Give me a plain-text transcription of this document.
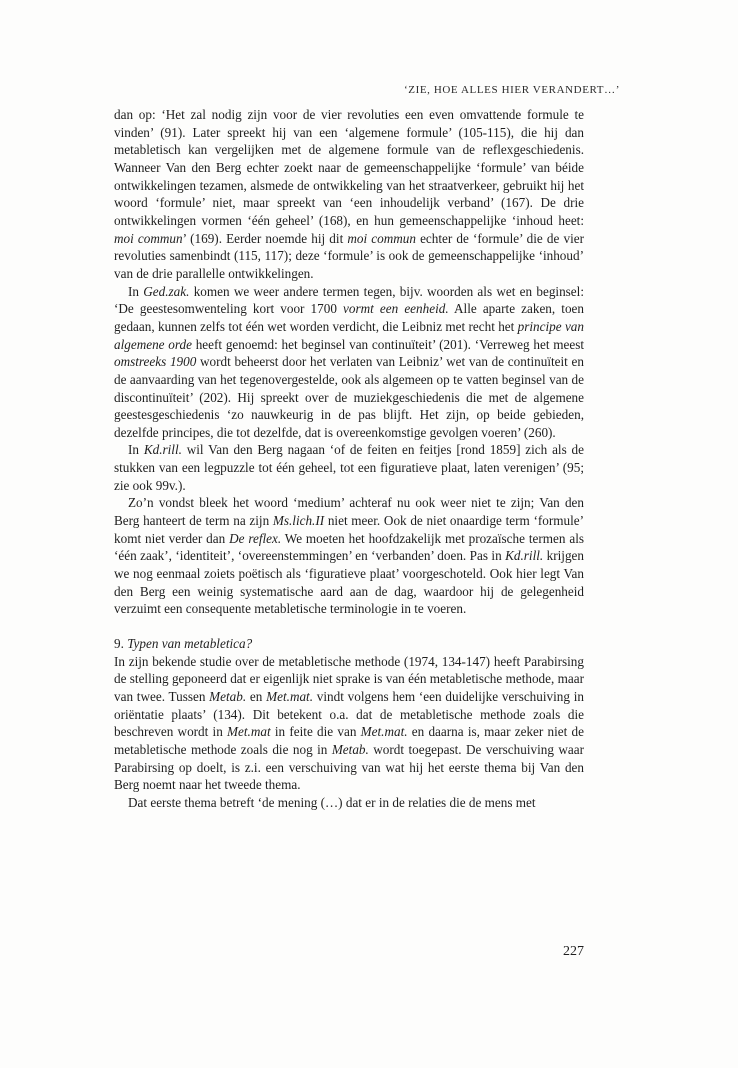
‘ZIE, HOE ALLES HIER VERANDERT…’

dan op: ‘Het zal nodig zijn voor de vier revoluties een even omvattende formule te vinden’ (91). Later spreekt hij van een ‘algemene formule’ (105-115), die hij dan metabletisch kan vergelijken met de algemene formule van de reflexgeschiedenis. Wanneer Van den Berg echter zoekt naar de gemeenschappelijke ‘formule’ van béide ontwikkelingen tezamen, alsmede de ontwikkeling van het straatverkeer, gebruikt hij het woord ‘formule’ niet, maar spreekt van ‘een inhoudelijk verband’ (167). De drie ontwikkelingen vormen ‘één geheel’ (168), en hun gemeenschappelijke ‘inhoud heet: moi commun’ (169). Eerder noemde hij dit moi commun echter de ‘formule’ die de vier revoluties samenbindt (115, 117); deze ‘formule’ is ook de gemeenschappelijke ‘inhoud’ van de drie parallelle ontwikkelingen.

In Ged.zak. komen we weer andere termen tegen, bijv. woorden als wet en beginsel: ‘De geestesomwenteling kort voor 1700 vormt een eenheid. Alle aparte zaken, toen gedaan, kunnen zelfs tot één wet worden verdicht, die Leibniz met recht het principe van algemene orde heeft genoemd: het beginsel van continuïteit’ (201). ‘Verreweg het meest omstreeks 1900 wordt beheerst door het verlaten van Leibniz’ wet van de continuïteit en de aanvaarding van het tegenovergestelde, ook als algemeen op te vatten beginsel van de discontinuïteit’ (202). Hij spreekt over de muziekgeschiedenis die met de algemene geestesgeschiedenis ‘zo nauwkeurig in de pas blijft. Het zijn, op beide gebieden, dezelfde principes, die tot dezelfde, dat is overeenkomstige gevolgen voeren’ (260).

In Kd.rill. wil Van den Berg nagaan ‘of de feiten en feitjes [rond 1859] zich als de stukken van een legpuzzle tot één geheel, tot een figuratieve plaat, laten verenigen’ (95; zie ook 99v.).

Zo’n vondst bleek het woord ‘medium’ achteraf nu ook weer niet te zijn; Van den Berg hanteert de term na zijn Ms.lich.II niet meer. Ook de niet onaardige term ‘formule’ komt niet verder dan De reflex. We moeten het hoofdzakelijk met prozaïsche termen als ‘één zaak’, ‘identiteit’, ‘overeenstemmingen’ en ‘verbanden’ doen. Pas in Kd.rill. krijgen we nog eenmaal zoiets poëtisch als ‘figuratieve plaat’ voorgeschoteld. Ook hier legt Van den Berg een weinig systematische aard aan de dag, waardoor hij de gelegenheid verzuimt een consequente metabletische terminologie in te voeren.

9. Typen van metabletica?

In zijn bekende studie over de metabletische methode (1974, 134-147) heeft Parabirsing de stelling geponeerd dat er eigenlijk niet sprake is van één metabletische methode, maar van twee. Tussen Metab. en Met.mat. vindt volgens hem ‘een duidelijke verschuiving in oriëntatie plaats’ (134). Dit betekent o.a. dat de metabletische methode zoals die beschreven wordt in Met.mat in feite die van Met.mat. en daarna is, maar zeker niet de metabletische methode zoals die nog in Metab. wordt toegepast. De verschuiving waar Parabirsing op doelt, is z.i. een verschuiving van wat hij het eerste thema bij Van den Berg noemt naar het tweede thema.

Dat eerste thema betreft ‘de mening (…) dat er in de relaties die de mens met

227
